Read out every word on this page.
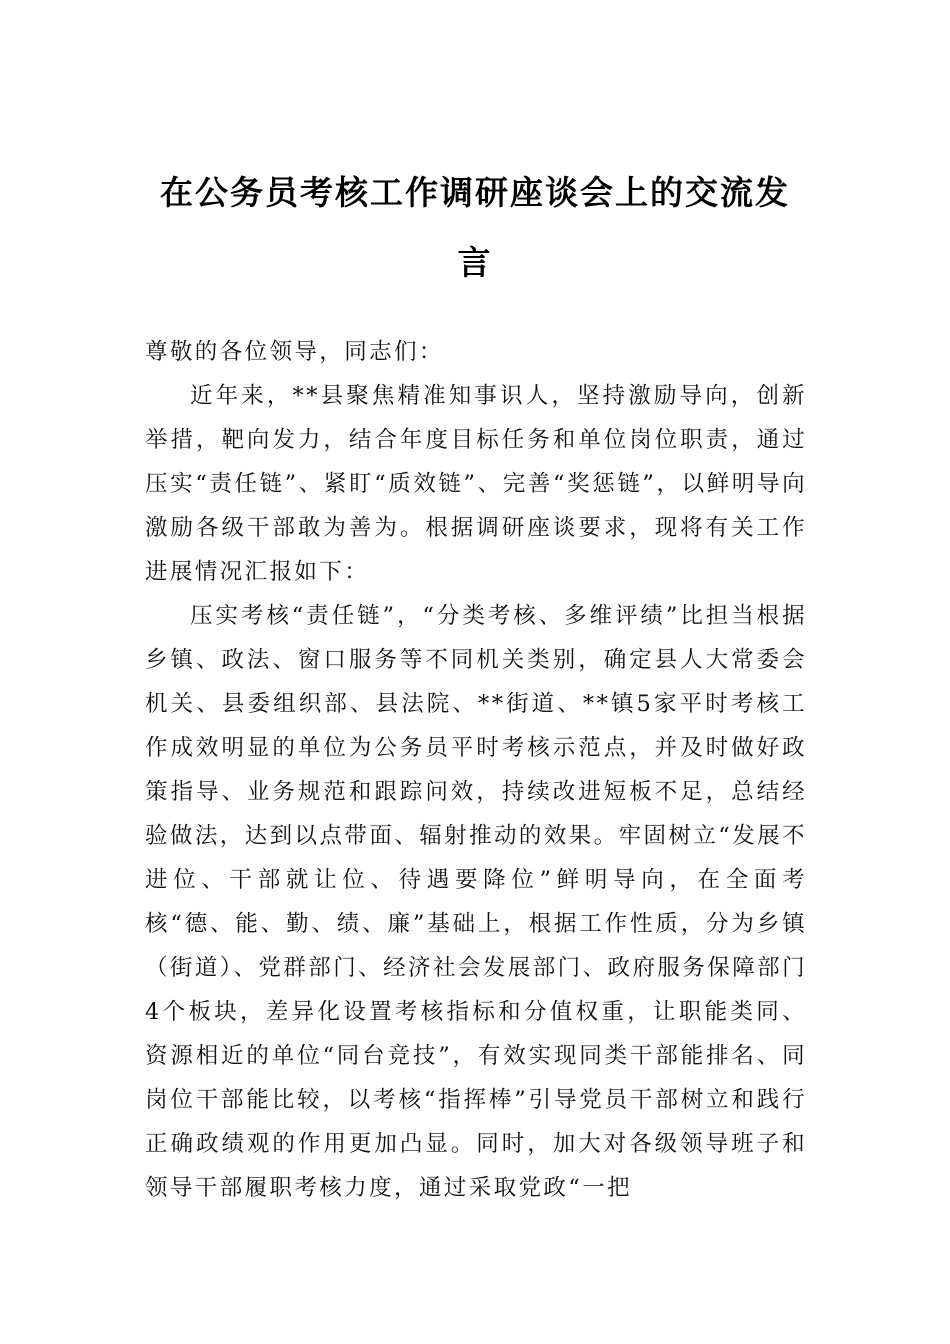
在公务员考核工作调研座谈会上的交流发言

尊敬的各位领导，同志们：

近年来，**县聚焦精准知事识人，坚持激励导向，创新举措，靶向发力，结合年度目标任务和单位岗位职责，通过压实“责任链”、紧盯“质效链”、完善“奖惩链”，以鲜明导向激励各级干部敢为善为。根据调研座谈要求，现将有关工作进展情况汇报如下：

压实考核“责任链”，“分类考核、多维评绩”比担当根据乡镇、政法、窗口服务等不同机关类别，确定县人大常委会机关、县委组织部、县法院、**街道、**镇5家平时考核工作成效明显的单位为公务员平时考核示范点，并及时做好政策指导、业务规范和跟踪问效，持续改进短板不足，总结经验做法，达到以点带面、辐射推动的效果。牢固树立“发展不进位、干部就让位、待遇要降位”鲜明导向，在全面考核“德、能、勤、绩、廉”基础上，根据工作性质，分为乡镇（街道）、党群部门、经济社会发展部门、政府服务保障部门4个板块，差异化设置考核指标和分值权重，让职能类同、资源相近的单位“同台竞技”，有效实现同类干部能排名、同岗位干部能比较，以考核“指挥棒”引导党员干部树立和践行正确政绩观的作用更加凸显。同时，加大对各级领导班子和领导干部履职考核力度，通过采取党政“一把
